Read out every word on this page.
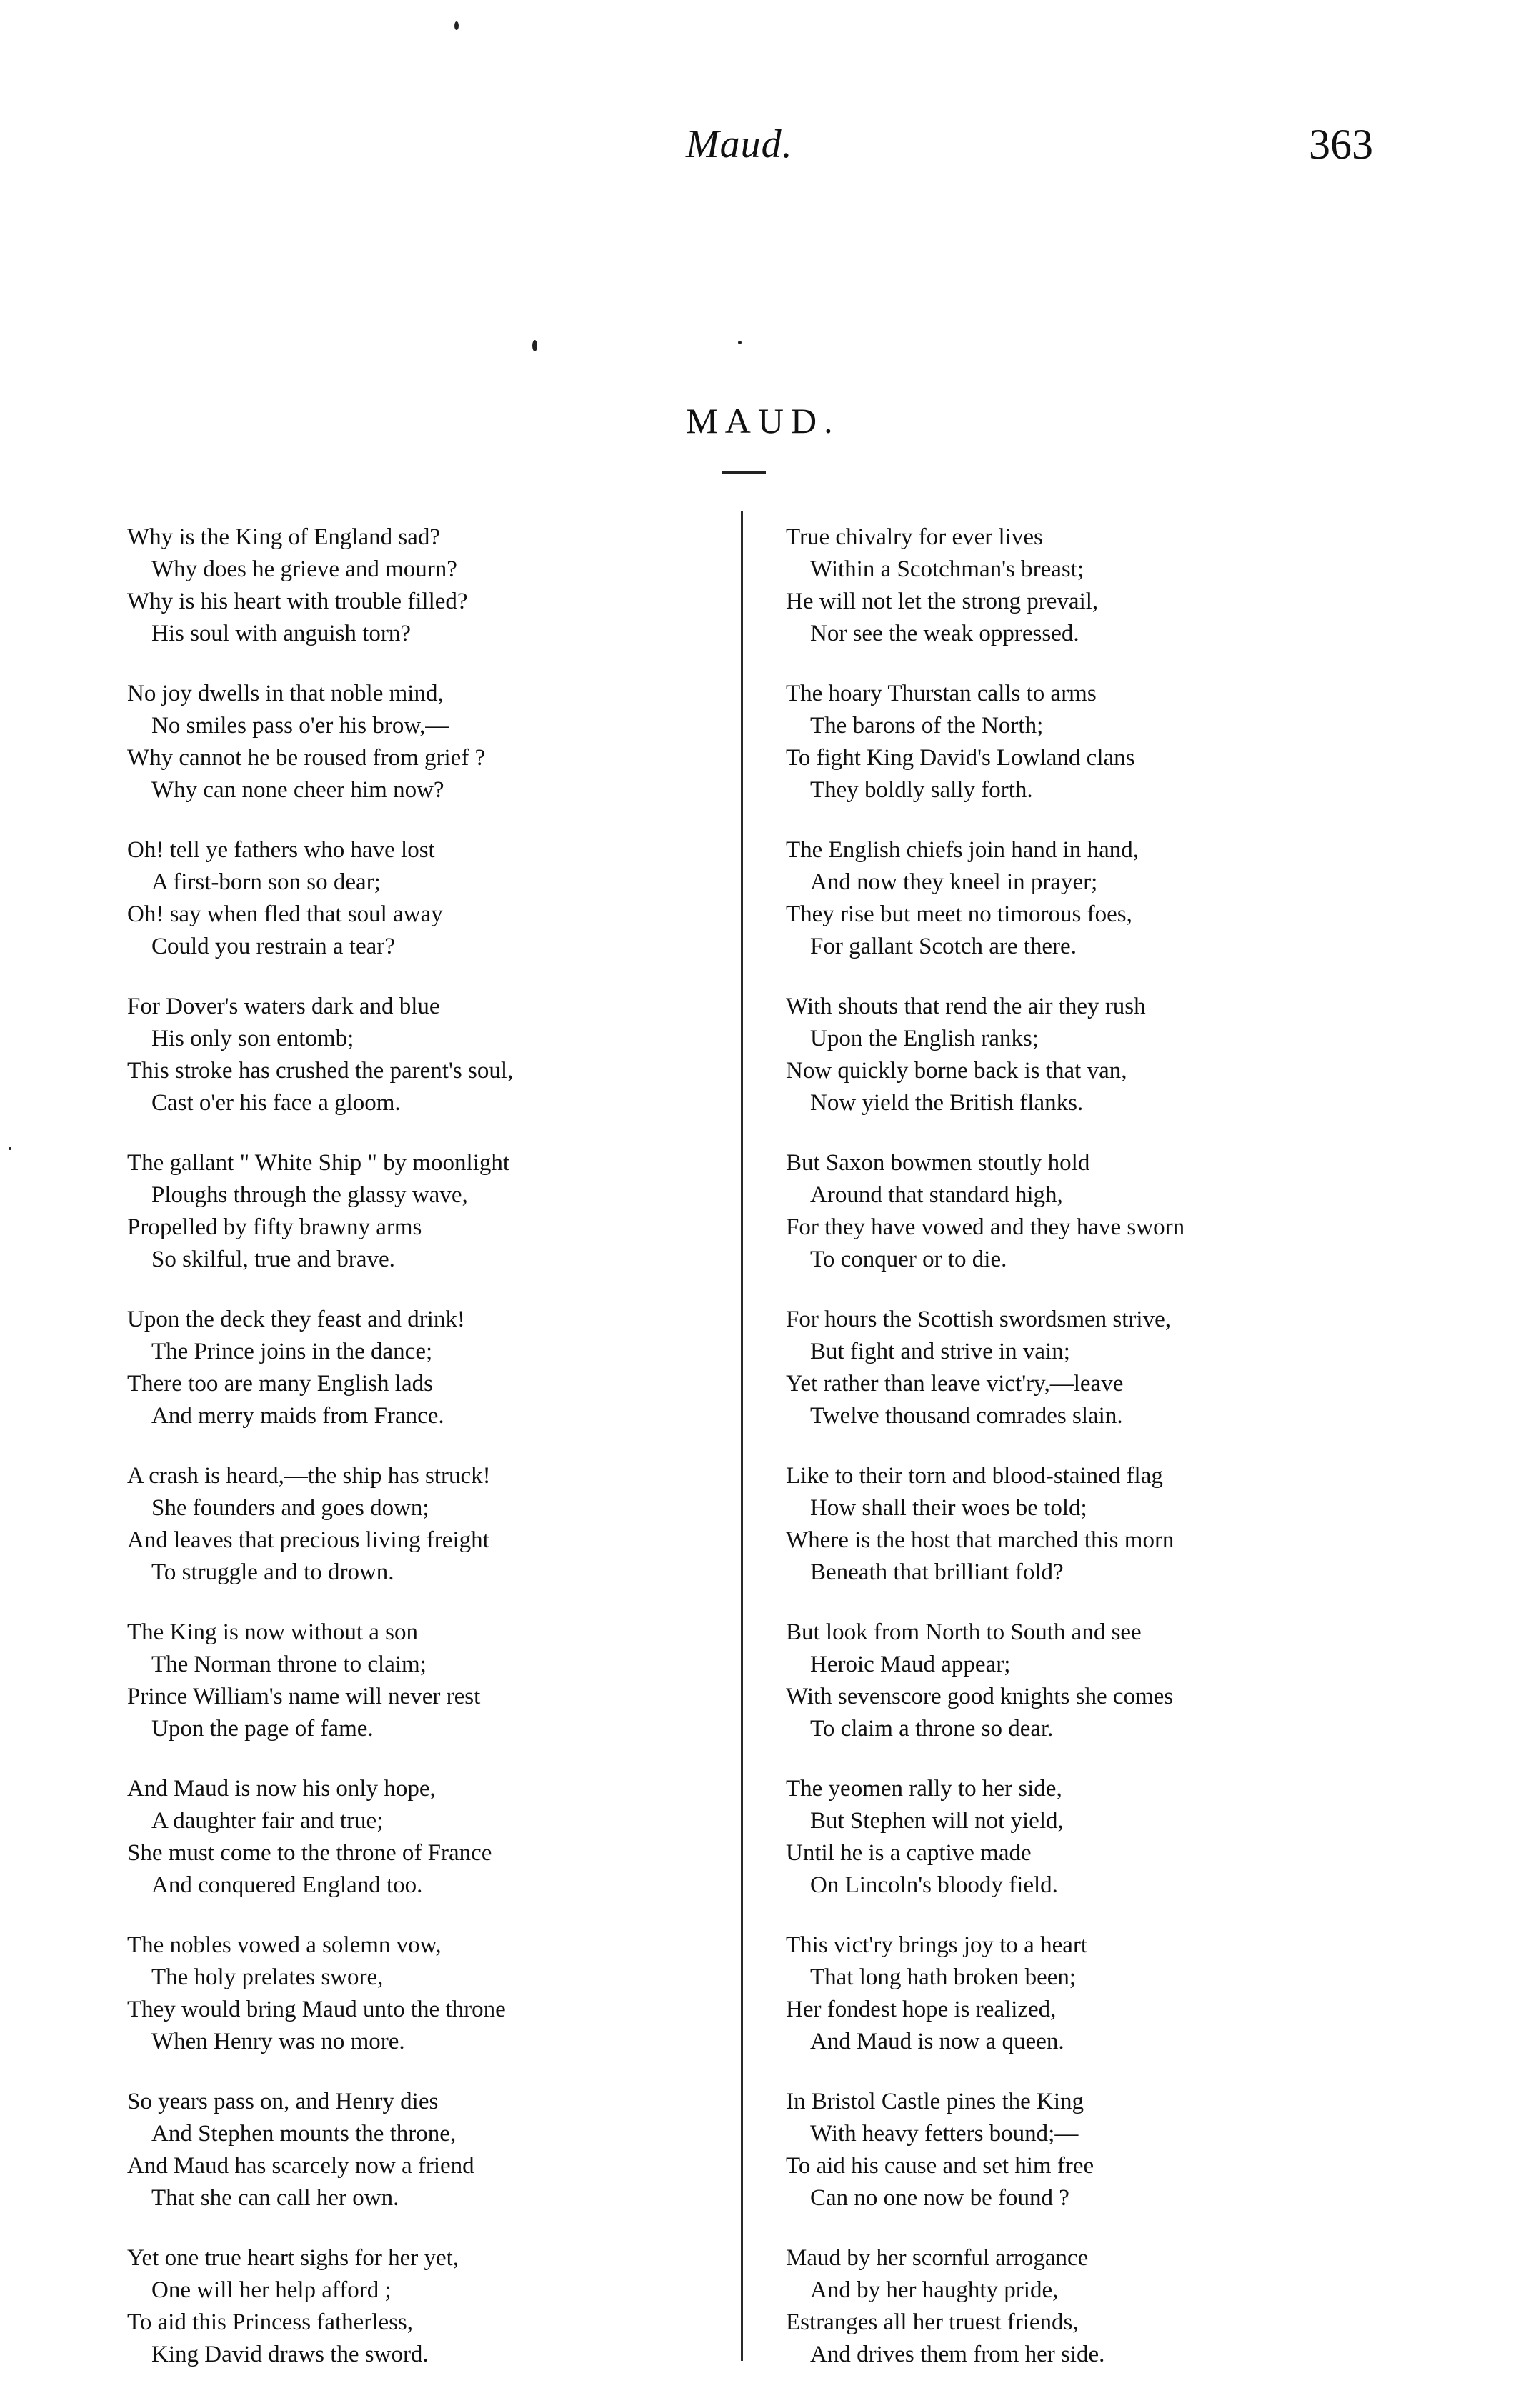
Maud.	363
MAUD.
Why is the King of England sad?
Why does he grieve and mourn?
Why is his heart with trouble filled?
His soul with anguish torn?
No joy dwells in that noble mind,
No smiles pass o'er his brow,—
Why cannot he be roused from grief ?
Why can none cheer him now?
Oh! tell ye fathers who have lost
A first-born son so dear;
Oh! say when fled that soul away
Could you restrain a tear?
For Dover's waters dark and blue
His only son entomb;
This stroke has crushed the parent's soul,
Cast o'er his face a gloom.
The gallant " White Ship " by moonlight
Ploughs through the glassy wave,
Propelled by fifty brawny arms
So skilful, true and brave.
Upon the deck they feast and drink!
The Prince joins in the dance;
There too are many English lads
And merry maids from France.
A crash is heard,—the ship has struck!
She founders and goes down;
And leaves that precious living freight
To struggle and to drown.
The King is now without a son
The Norman throne to claim;
Prince William's name will never rest
Upon the page of fame.
And Maud is now his only hope,
A daughter fair and true;
She must come to the throne of France
And conquered England too.
The nobles vowed a solemn vow,
The holy prelates swore,
They would bring Maud unto the throne
When Henry was no more.
So years pass on, and Henry dies
And Stephen mounts the throne,
And Maud has scarcely now a friend
That she can call her own.
Yet one true heart sighs for her yet,
One will her help afford ;
To aid this Princess fatherless,
King David draws the sword.
True chivalry for ever lives
Within a Scotchman's breast;
He will not let the strong prevail,
Nor see the weak oppressed.
The hoary Thurstan calls to arms
The barons of the North;
To fight King David's Lowland clans
They boldly sally forth.
The English chiefs join hand in hand,
And now they kneel in prayer;
They rise but meet no timorous foes,
For gallant Scotch are there.
With shouts that rend the air they rush
Upon the English ranks;
Now quickly borne back is that van,
Now yield the British flanks.
But Saxon bowmen stoutly hold
Around that standard high,
For they have vowed and they have sworn
To conquer or to die.
For hours the Scottish swordsmen strive,
But fight and strive in vain;
Yet rather than leave vict'ry,—leave
Twelve thousand comrades slain.
Like to their torn and blood-stained flag
How shall their woes be told;
Where is the host that marched this morn
Beneath that brilliant fold?
But look from North to South and see
Heroic Maud appear;
With sevenscore good knights she comes
To claim a throne so dear.
The yeomen rally to her side,
But Stephen will not yield,
Until he is a captive made
On Lincoln's bloody field.
This vict'ry brings joy to a heart
That long hath broken been;
Her fondest hope is realized,
And Maud is now a queen.
In Bristol Castle pines the King
With heavy fetters bound;—
To aid his cause and set him free
Can no one now be found ?
Maud by her scornful arrogance
And by her haughty pride,
Estranges all her truest friends,
And drives them from her side.
